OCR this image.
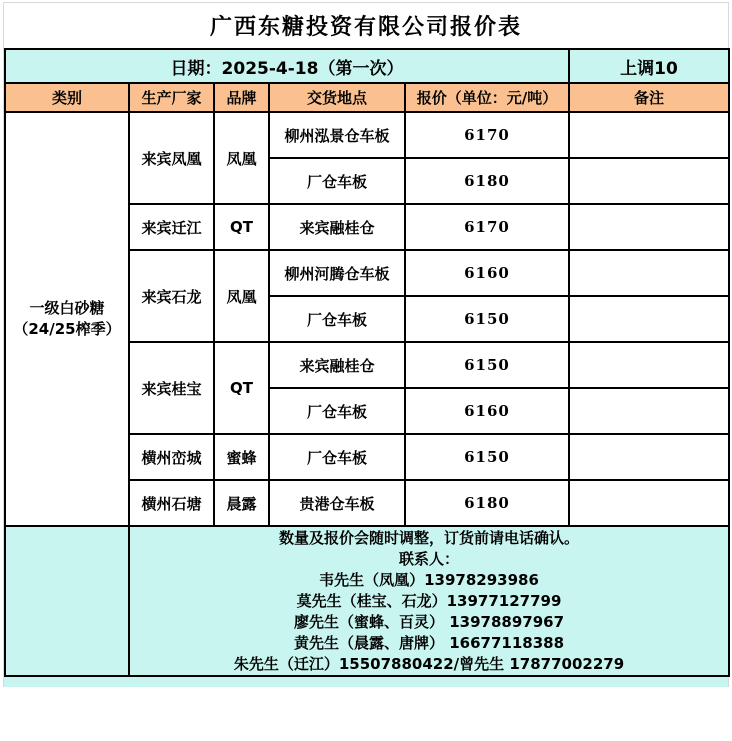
广西东糖投资有限公司报价表
日期：2025-4-18（第一次）					上调10
类别	生产厂家	品牌	交货地点	报价（单位：元/吨）	备注

一级白砂糖
（24/25榨季）	来宾凤凰	凤凰	柳州泓景仓车板	6170	
			厂仓车板	6180	
	来宾迁江	QT	来宾融桂仓	6170	
	来宾石龙	凤凰	柳州河腾仓车板	6160	
			厂仓车板	6150	
	来宾桂宝	QT	来宾融桂仓	6150	
			厂仓车板	6160	
	横州峦城	蜜蜂	厂仓车板	6150	
	横州石塘	晨露	贵港仓车板	6180	

数量及报价会随时调整，订货前请电话确认。
联系人：
韦先生（凤凰）13978293986
莫先生（桂宝、石龙）13977127799
廖先生（蜜蜂、百灵） 13978897967
黄先生（晨露、唐牌） 16677118388
朱先生（迁江）15507880422/曾先生 17877002279
